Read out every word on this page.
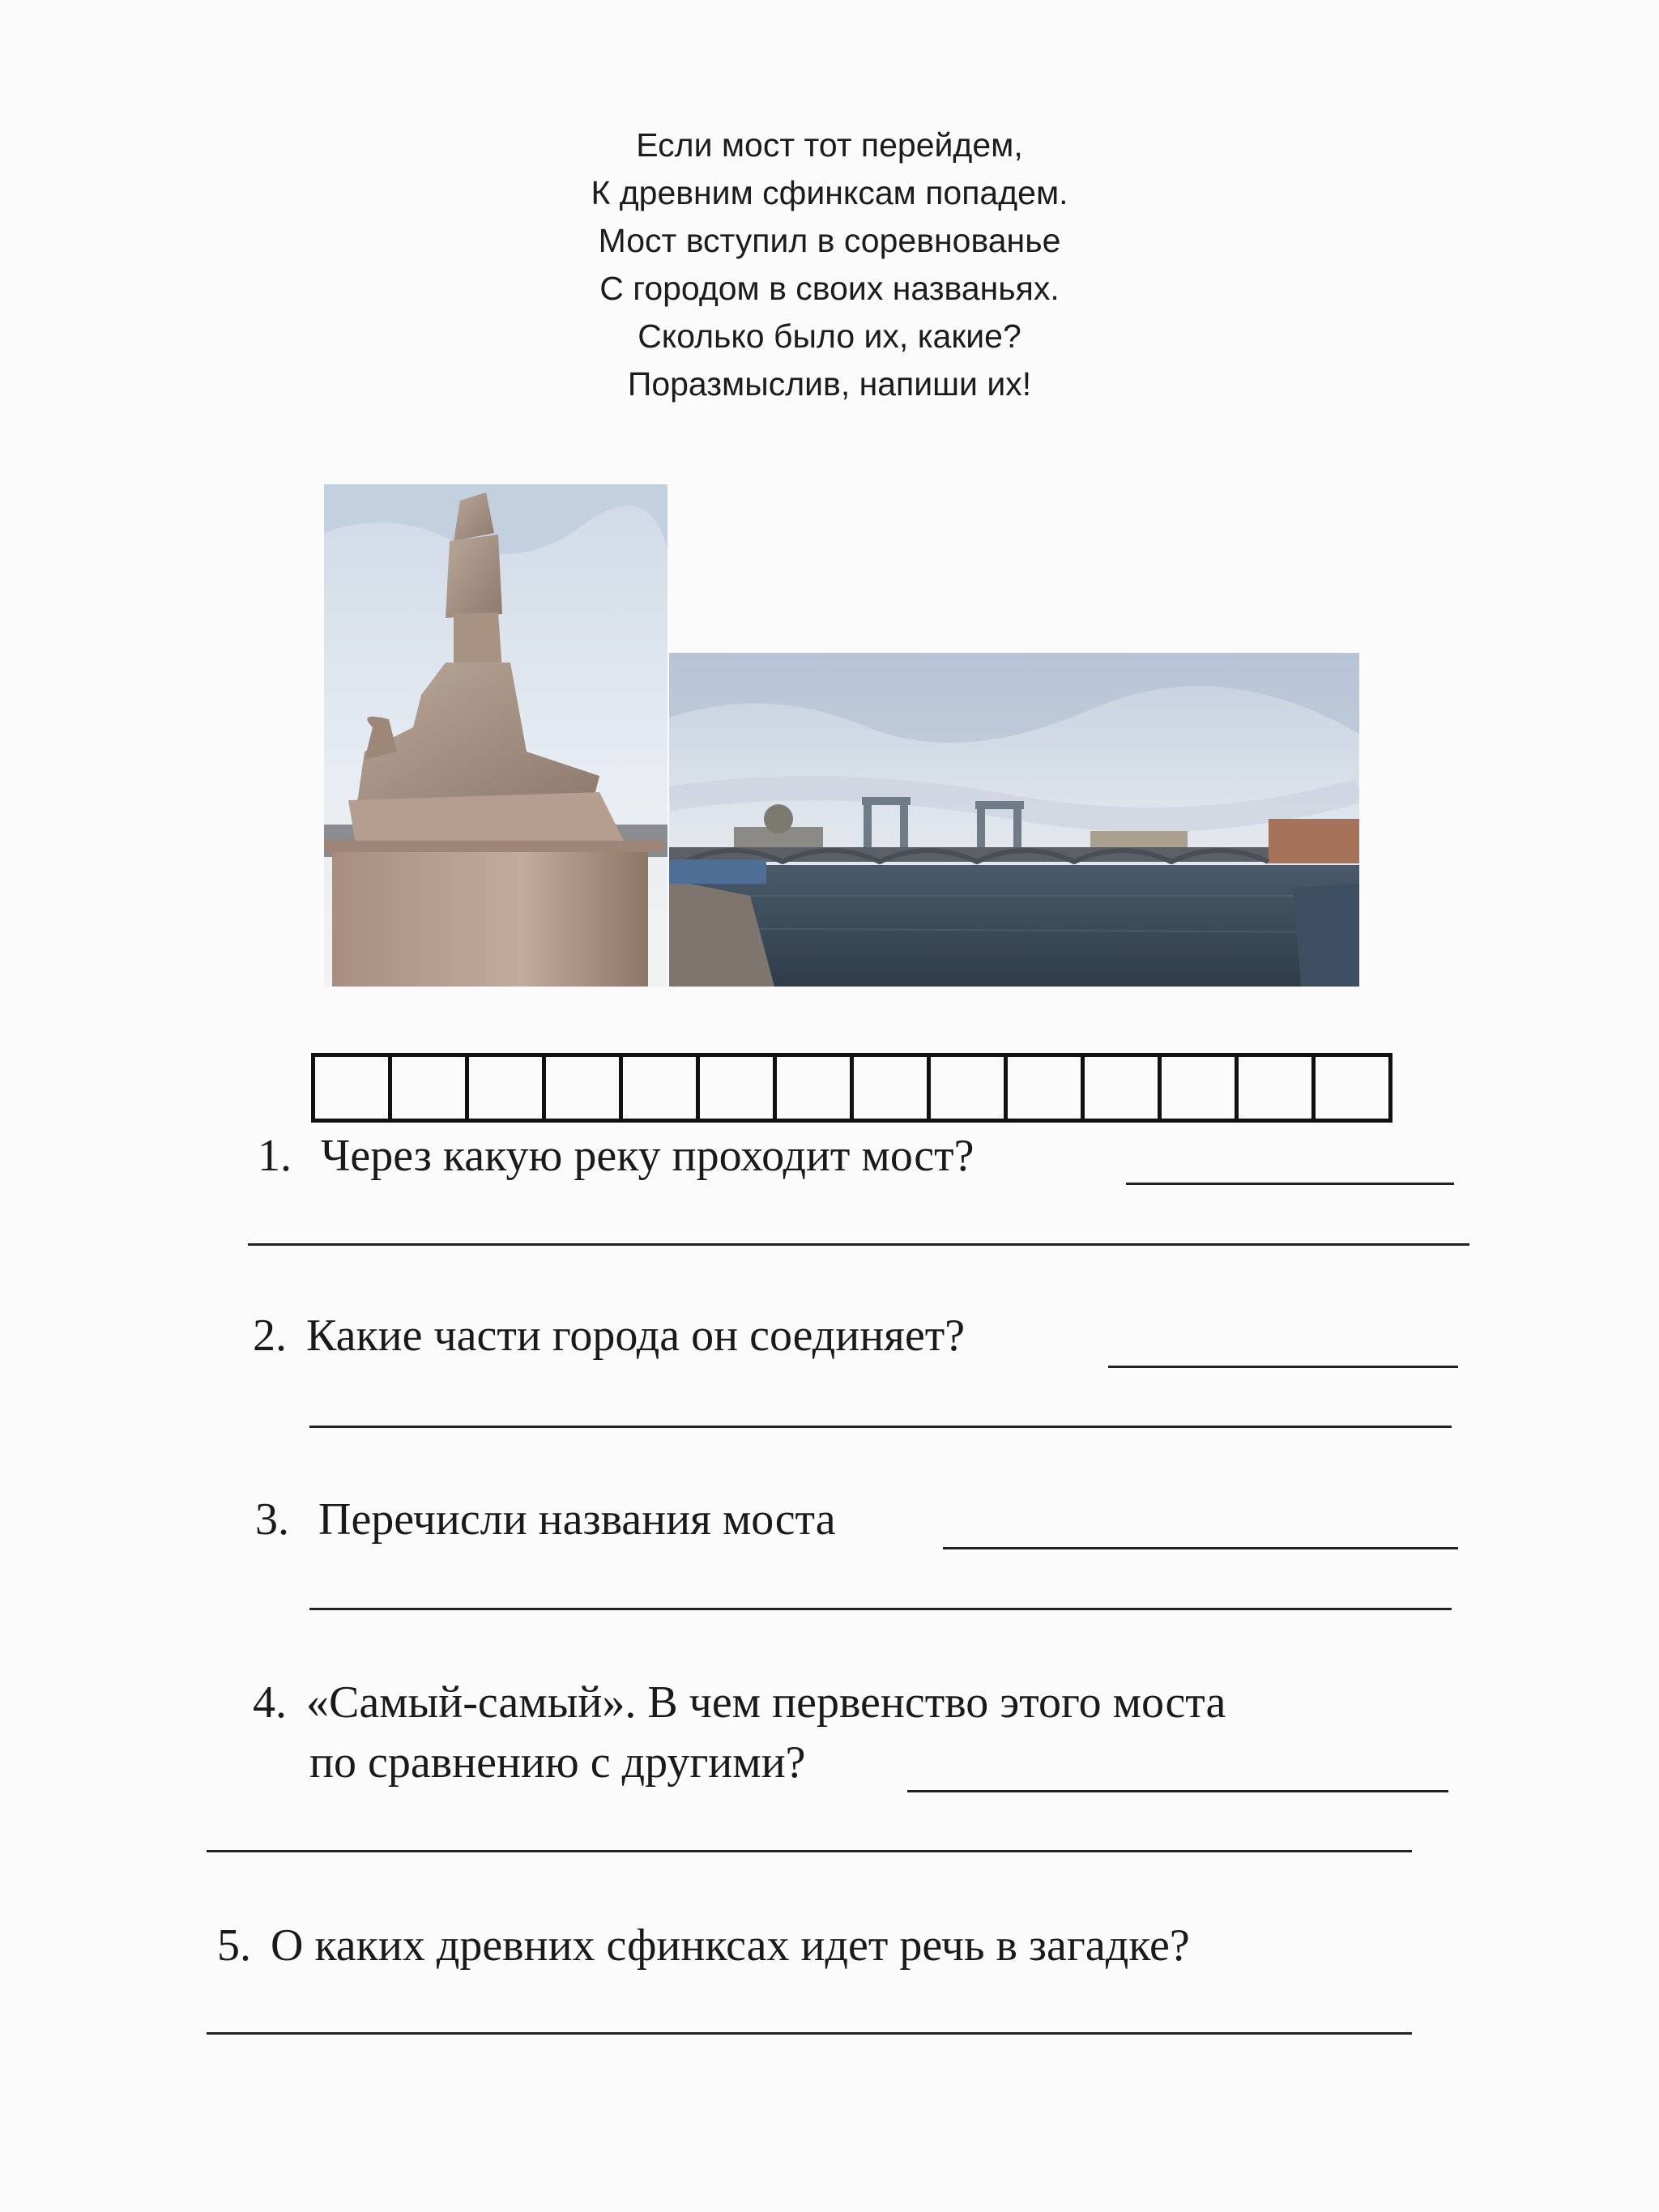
Если мост тот перейдем,
К древним сфинксам попадем.
Мост вступил в соревнованье
С городом в своих названьях.
Сколько было их, какие?
Поразмыслив, напиши их!
1. Через какую реку проходит мост?
2. Какие части города он соединяет?
3. Перечисли названия моста
4. «Самый-самый». В чем первенство этого моста
по сравнению с другими?
5. О каких древних сфинксах идет речь в загадке?
